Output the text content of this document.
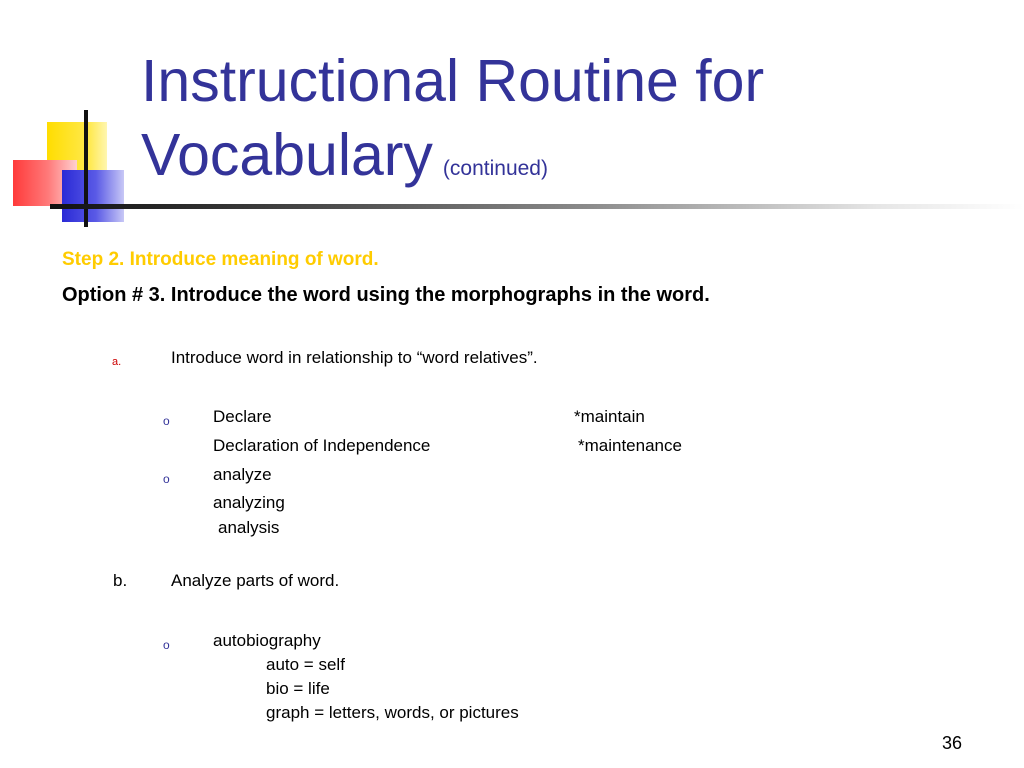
Instructional Routine for
Vocabulary (continued)
Step 2. Introduce meaning of word.
Option # 3. Introduce the word using the morphographs in the word.
a.	Introduce word in relationship to “word relatives”.
o	Declare	*maintain
Declaration of Independence	*maintenance
o	analyze
analyzing
analysis
b.	Analyze parts of word.
o	autobiography
auto = self
bio = life
graph = letters, words, or pictures
36
